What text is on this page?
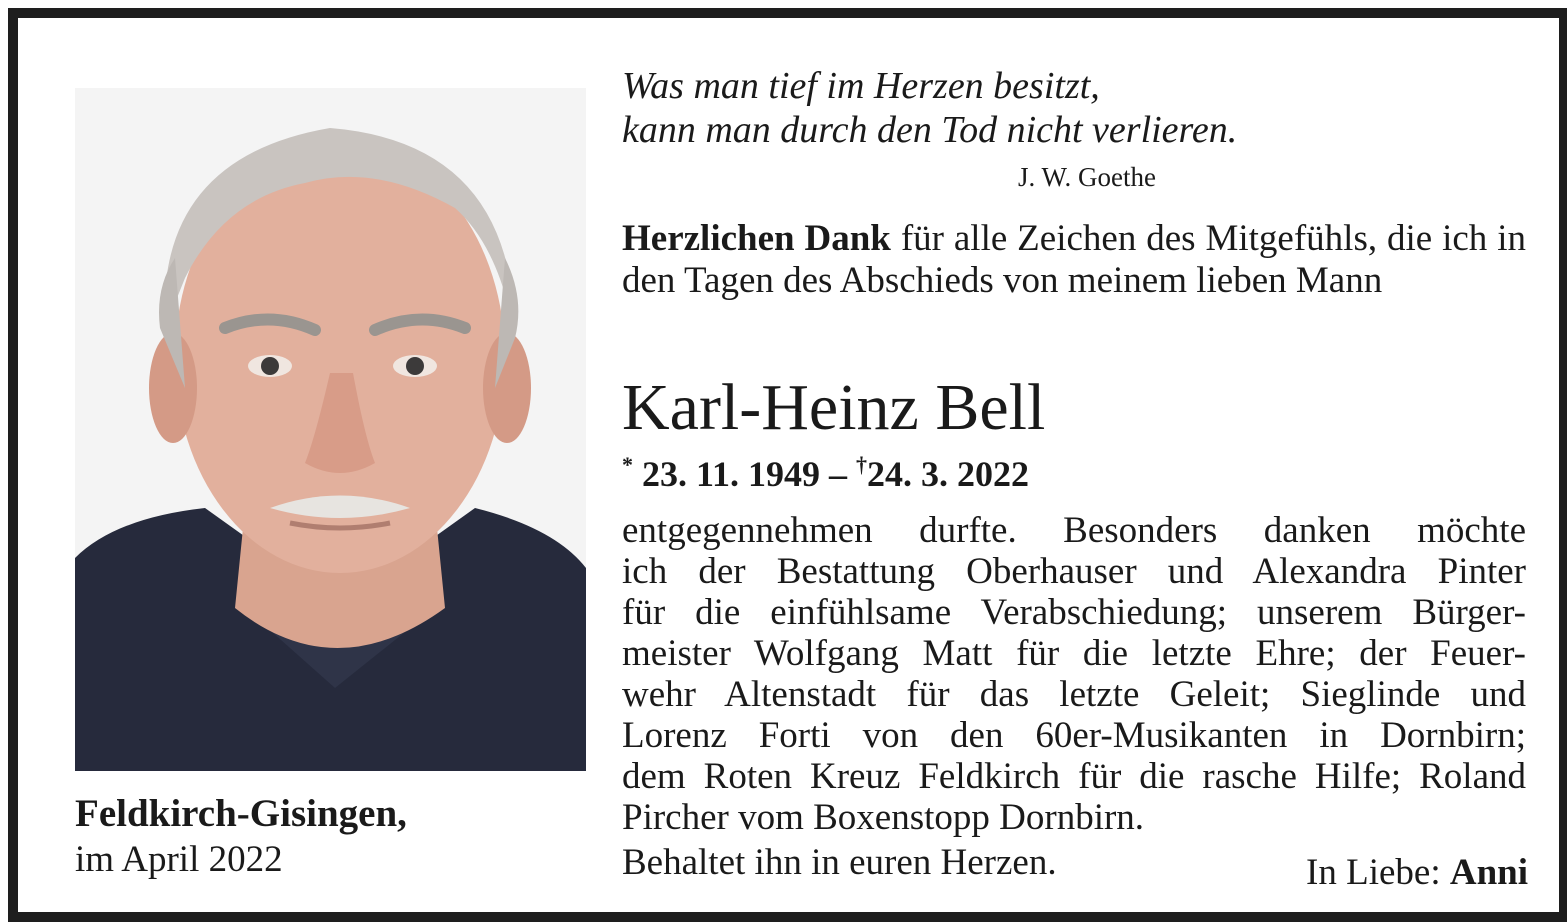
Feldkirch-Gisingen,
im April 2022
Was man tief im Herzen besitzt,
kann man durch den Tod nicht verlieren.
J. W. Goethe
Herzlichen Dank für alle Zeichen des Mitgefühls, die ich in den Tagen des Abschieds von meinem lieben Mann
Karl-Heinz Bell
* 23. 11. 1949 – †24. 3. 2022
entgegennehmen durfte. Besonders danken möchte
ich der Bestattung Oberhauser und Alexandra Pinter
für die einfühlsame Verabschiedung; unserem Bürger-
meister Wolfgang Matt für die letzte Ehre; der Feuer-
wehr Altenstadt für das letzte Geleit; Sieglinde und
Lorenz Forti von den 60er-Musikanten in Dornbirn;
dem Roten Kreuz Feldkirch für die rasche Hilfe; Roland
Pircher vom Boxenstopp Dornbirn.
Behaltet ihn in euren Herzen.	In Liebe: Anni
